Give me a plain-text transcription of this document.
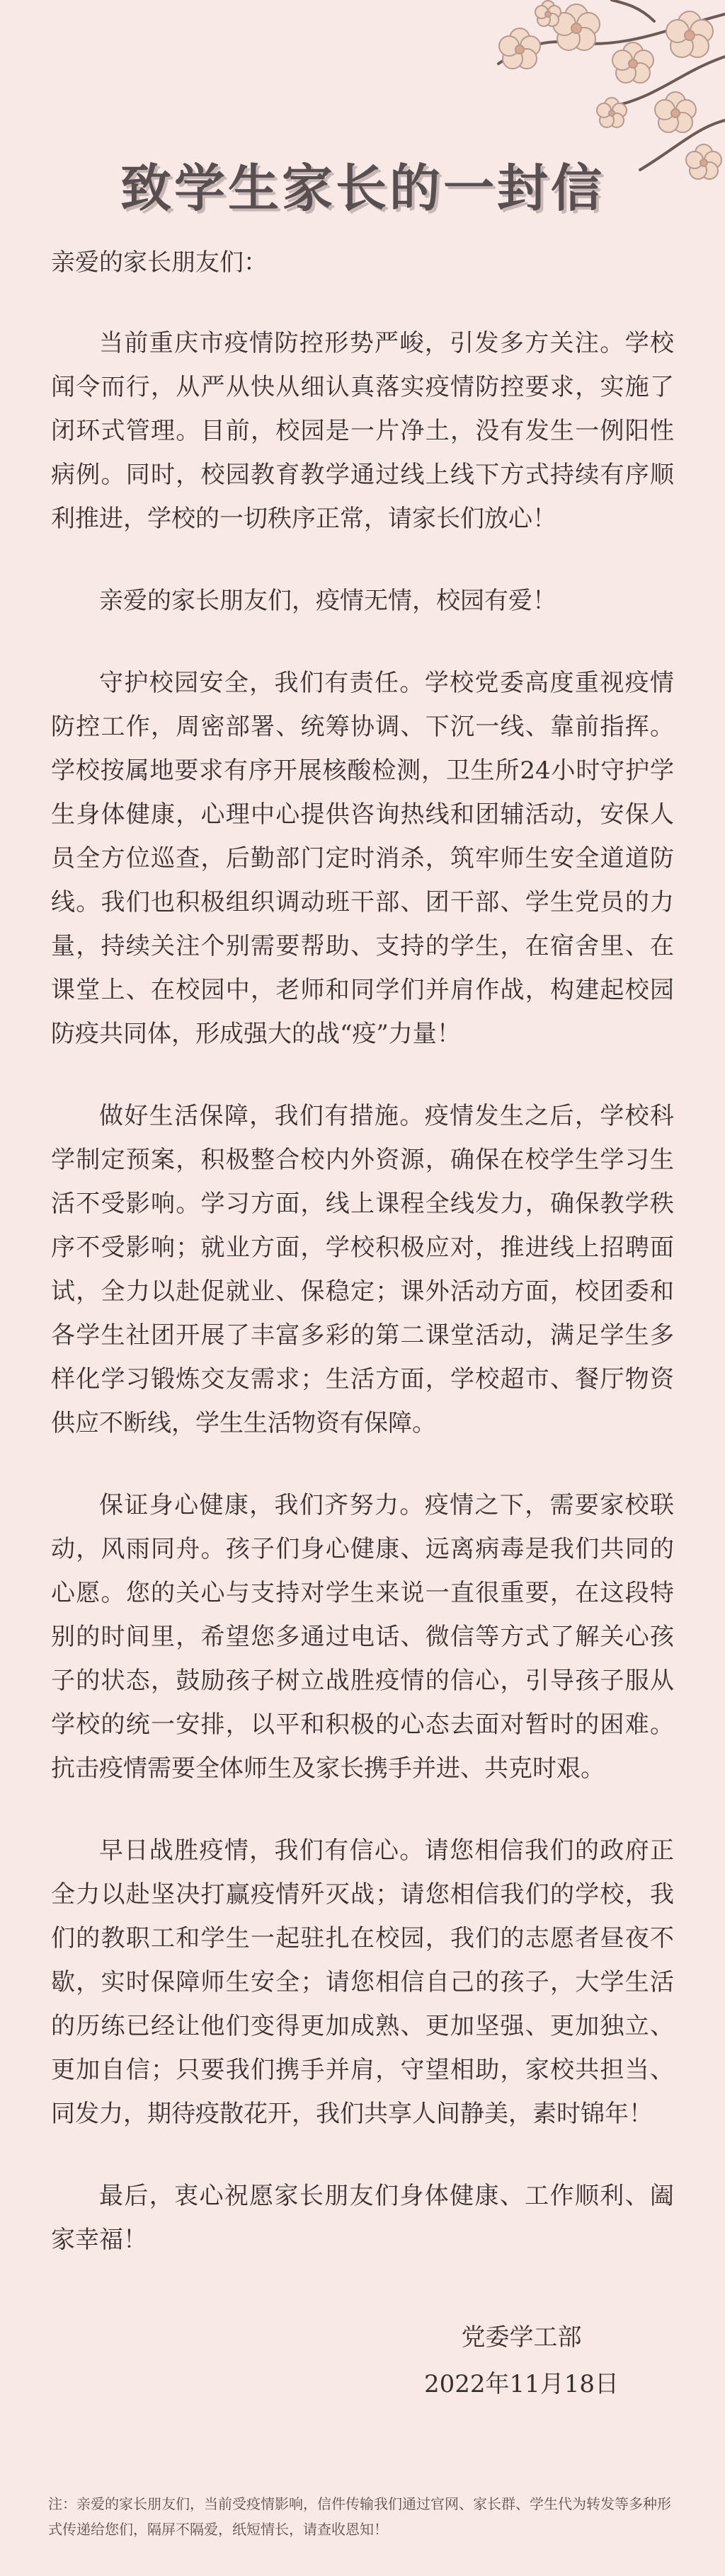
致学生家长的一封信

亲爱的家长朋友们：

当前重庆市疫情防控形势严峻，引发多方关注。学校闻令而行，从严从快从细认真落实疫情防控要求，实施了闭环式管理。目前，校园是一片净土，没有发生一例阳性病例。同时，校园教育教学通过线上线下方式持续有序顺利推进，学校的一切秩序正常，请家长们放心！

亲爱的家长朋友们，疫情无情，校园有爱！

守护校园安全，我们有责任。学校党委高度重视疫情防控工作，周密部署、统筹协调、下沉一线、靠前指挥。学校按属地要求有序开展核酸检测，卫生所24小时守护学生身体健康，心理中心提供咨询热线和团辅活动，安保人员全方位巡查，后勤部门定时消杀，筑牢师生安全道道防线。我们也积极组织调动班干部、团干部、学生党员的力量，持续关注个别需要帮助、支持的学生，在宿舍里、在课堂上、在校园中，老师和同学们并肩作战，构建起校园防疫共同体，形成强大的战“疫”力量！

做好生活保障，我们有措施。疫情发生之后，学校科学制定预案，积极整合校内外资源，确保在校学生学习生活不受影响。学习方面，线上课程全线发力，确保教学秩序不受影响；就业方面，学校积极应对，推进线上招聘面试，全力以赴促就业、保稳定；课外活动方面，校团委和各学生社团开展了丰富多彩的第二课堂活动，满足学生多样化学习锻炼交友需求；生活方面，学校超市、餐厅物资供应不断线，学生生活物资有保障。

保证身心健康，我们齐努力。疫情之下，需要家校联动，风雨同舟。孩子们身心健康、远离病毒是我们共同的心愿。您的关心与支持对学生来说一直很重要，在这段特别的时间里，希望您多通过电话、微信等方式了解关心孩子的状态，鼓励孩子树立战胜疫情的信心，引导孩子服从学校的统一安排，以平和积极的心态去面对暂时的困难。抗击疫情需要全体师生及家长携手并进、共克时艰。

早日战胜疫情，我们有信心。请您相信我们的政府正全力以赴坚决打赢疫情歼灭战；请您相信我们的学校，我们的教职工和学生一起驻扎在校园，我们的志愿者昼夜不歇，实时保障师生安全；请您相信自己的孩子，大学生活的历练已经让他们变得更加成熟、更加坚强、更加独立、更加自信；只要我们携手并肩，守望相助，家校共担当、同发力，期待疫散花开，我们共享人间静美，素时锦年！

最后，衷心祝愿家长朋友们身体健康、工作顺利、阖家幸福！

党委学工部
2022年11月18日
注：亲爱的家长朋友们，当前受疫情影响，信件传输我们通过官网、家长群、学生代为转发等多种形式传递给您们，隔屏不隔爱，纸短情长，请查收恩知！
